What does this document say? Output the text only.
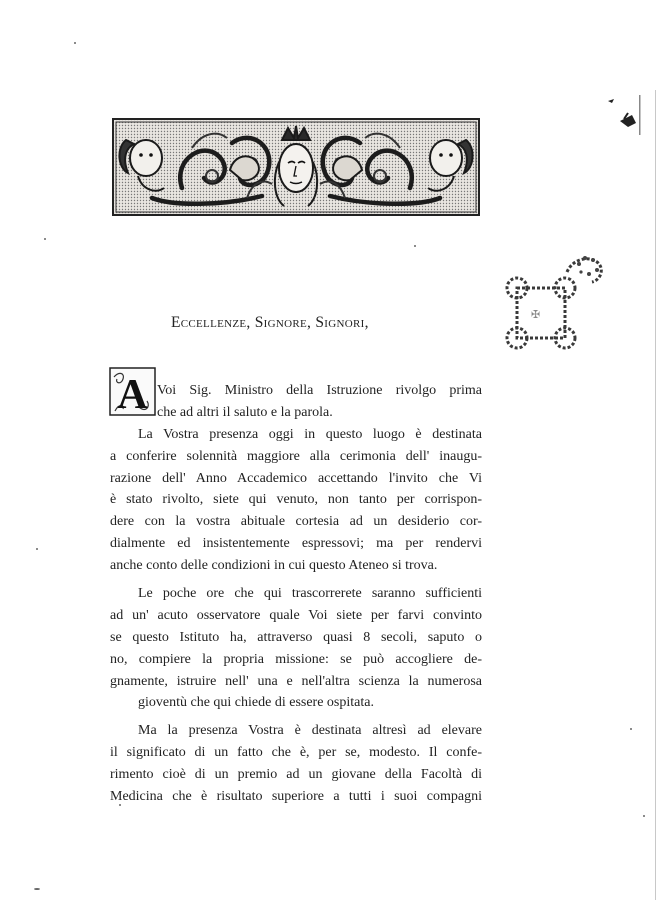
✠
Eccellenze, Signore, Signori,
A Voi Sig. Ministro della Istruzione rivolgo prima
che ad altri il saluto e la parola.

La Vostra presenza oggi in questo luogo è destinata
a conferire solennità maggiore alla cerimonia dell' inaugu-
razione dell' Anno Accademico accettando l'invito che Vi
è stato rivolto, siete qui venuto, non tanto per corrispon-
dere con la vostra abituale cortesia ad un desiderio cor-
dialmente ed insistentemente espressovi; ma per rendervi
anche conto delle condizioni in cui questo Ateneo si trova.

Le poche ore che qui trascorrerete saranno sufficienti
ad un' acuto osservatore quale Voi siete per farvi convinto
se questo Istituto ha, attraverso quasi 8 secoli, saputo o
no, compiere la propria missione: se può accogliere de-
gnamente, istruire nell' una e nell'altra scienza la numerosa
gioventù che qui chiede di essere ospitata.

Ma la presenza Vostra è destinata altresì ad elevare
il significato di un fatto che è, per se, modesto. Il confe-
rimento cioè di un premio ad un giovane della Facoltà di
Medicina che è risultato superiore a tutti i suoi compagni
